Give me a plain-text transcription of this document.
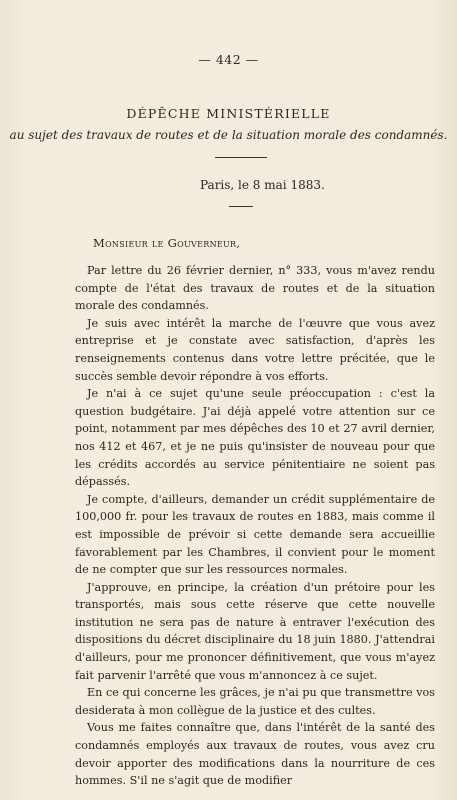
— 442 —
DÉPÊCHE MINISTÉRIELLE
au sujet des travaux de routes et de la situation morale des condamnés.
Paris, le 8 mai 1883.
Monsieur le Gouverneur,

Par lettre du 26 février dernier, n° 333, vous m'avez rendu compte de l'état des travaux de routes et de la situation morale des condamnés.

Je suis avec intérêt la marche de l'œuvre que vous avez entreprise et je constate avec satisfaction, d'après les renseignements contenus dans votre lettre précitée, que le succès semble devoir répondre à vos efforts.

Je n'ai à ce sujet qu'une seule préoccupation : c'est la question budgétaire. J'ai déjà appelé votre attention sur ce point, notamment par mes dépêches des 10 et 27 avril dernier, nos 412 et 467, et je ne puis qu'insister de nouveau pour que les crédits accordés au service pénitentiaire ne soient pas dépassés.

Je compte, d'ailleurs, demander un crédit supplémentaire de 100,000 fr. pour les travaux de routes en 1883, mais comme il est impossible de prévoir si cette demande sera accueillie favorablement par les Chambres, il convient pour le moment de ne compter que sur les ressources normales.

J'approuve, en principe, la création d'un prétoire pour les transportés, mais sous cette réserve que cette nouvelle institution ne sera pas de nature à entraver l'exécution des dispositions du décret disciplinaire du 18 juin 1880. J'attendrai d'ailleurs, pour me prononcer définitivement, que vous m'ayez fait parvenir l'arrêté que vous m'annoncez à ce sujet.

En ce qui concerne les grâces, je n'ai pu que transmettre vos desiderata à mon collègue de la justice et des cultes.

Vous me faites connaître que, dans l'intérêt de la santé des condamnés employés aux travaux de routes, vous avez cru devoir apporter des modifications dans la nourriture de ces hommes. S'il ne s'agit que de modifier
